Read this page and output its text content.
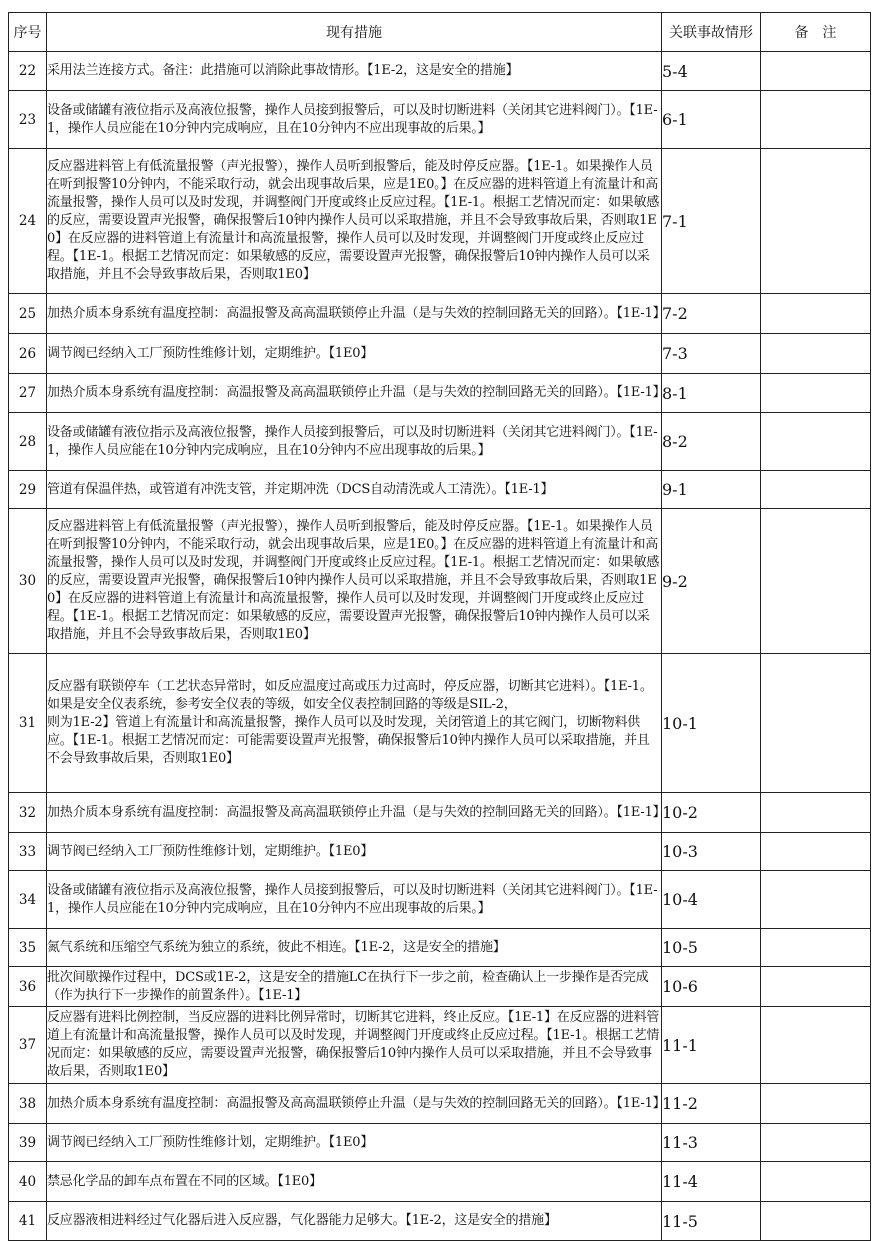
序号	现有措施	关联事故情形	备　注
22	采用法兰连接方式。备注：此措施可以消除此事故情形。【1E-2，这是安全的措施】	5-4	
23	设备或储罐有液位指示及高液位报警，操作人员接到报警后，可以及时切断进料（关闭其它进料阀门）。【1E-1，操作人员应能在10分钟内完成响应，且在10分钟内不应出现事故的后果。】	6-1	
24	反应器进料管上有低流量报警（声光报警），操作人员听到报警后，能及时停反应器。【1E-1。如果操作人员在听到报警10分钟内，不能采取行动，就会出现事故后果，应是1E0。】在反应器的进料管道上有流量计和高流量报警，操作人员可以及时发现，并调整阀门开度或终止反应过程。【1E-1。根据工艺情况而定：如果敏感的反应，需要设置声光报警，确保报警后10钟内操作人员可以采取措施，并且不会导致事故后果，否则取1E0】在反应器的进料管道上有流量计和高流量报警，操作人员可以及时发现，并调整阀门开度或终止反应过程。【1E-1。根据工艺情况而定：如果敏感的反应，需要设置声光报警，确保报警后10钟内操作人员可以采取措施，并且不会导致事故后果，否则取1E0】	7-1	
25	加热介质本身系统有温度控制：高温报警及高高温联锁停止升温（是与失效的控制回路无关的回路）。【1E-1】	7-2	
26	调节阀已经纳入工厂预防性维修计划，定期维护。【1E0】	7-3	
27	加热介质本身系统有温度控制：高温报警及高高温联锁停止升温（是与失效的控制回路无关的回路）。【1E-1】	8-1	
28	设备或储罐有液位指示及高液位报警，操作人员接到报警后，可以及时切断进料（关闭其它进料阀门）。【1E-1，操作人员应能在10分钟内完成响应，且在10分钟内不应出现事故的后果。】	8-2	
29	管道有保温伴热，或管道有冲洗支管，并定期冲洗（DCS自动清洗或人工清洗）。【1E-1】	9-1	
30	反应器进料管上有低流量报警（声光报警），操作人员听到报警后，能及时停反应器。【1E-1。如果操作人员在听到报警10分钟内，不能采取行动，就会出现事故后果，应是1E0。】在反应器的进料管道上有流量计和高流量报警，操作人员可以及时发现，并调整阀门开度或终止反应过程。【1E-1。根据工艺情况而定：如果敏感的反应，需要设置声光报警，确保报警后10钟内操作人员可以采取措施，并且不会导致事故后果，否则取1E0】在反应器的进料管道上有流量计和高流量报警，操作人员可以及时发现，并调整阀门开度或终止反应过程。【1E-1。根据工艺情况而定：如果敏感的反应，需要设置声光报警，确保报警后10钟内操作人员可以采取措施，并且不会导致事故后果，否则取1E0】	9-2	
31	反应器有联锁停车（工艺状态异常时，如反应温度过高或压力过高时，停反应器，切断其它进料）。【1E-1。如果是安全仪表系统，参考安全仪表的等级，如安全仪表控制回路的等级是SIL-2，
则为1E-2】管道上有流量计和高流量报警，操作人员可以及时发现，关闭管道上的其它阀门，切断物料供应。【1E-1。根据工艺情况而定：可能需要设置声光报警，确保报警后10钟内操作人员可以采取措施，并且不会导致事故后果，否则取1E0】	10-1	
32	加热介质本身系统有温度控制：高温报警及高高温联锁停止升温（是与失效的控制回路无关的回路）。【1E-1】	10-2	
33	调节阀已经纳入工厂预防性维修计划，定期维护。【1E0】	10-3	
34	设备或储罐有液位指示及高液位报警，操作人员接到报警后，可以及时切断进料（关闭其它进料阀门）。【1E-1，操作人员应能在10分钟内完成响应，且在10分钟内不应出现事故的后果。】	10-4	
35	氮气系统和压缩空气系统为独立的系统，彼此不相连。【1E-2，这是安全的措施】	10-5	
36	批次间歇操作过程中，DCS或1E-2，这是安全的措施LC在执行下一步之前，检查确认上一步操作是否完成（作为执行下一步操作的前置条件）。【1E-1】	10-6	
37	反应器有进料比例控制，当反应器的进料比例异常时，切断其它进料，终止反应。【1E-1】在反应器的进料管道上有流量计和高流量报警，操作人员可以及时发现，并调整阀门开度或终止反应过程。【1E-1。根据工艺情况而定：如果敏感的反应，需要设置声光报警，确保报警后10钟内操作人员可以采取措施，并且不会导致事故后果，否则取1E0】	11-1	
38	加热介质本身系统有温度控制：高温报警及高高温联锁停止升温（是与失效的控制回路无关的回路）。【1E-1】	11-2	
39	调节阀已经纳入工厂预防性维修计划，定期维护。【1E0】	11-3	
40	禁忌化学品的卸车点布置在不同的区域。【1E0】	11-4	
41	反应器液相进料经过气化器后进入反应器，气化器能力足够大。【1E-2，这是安全的措施】	11-5	
